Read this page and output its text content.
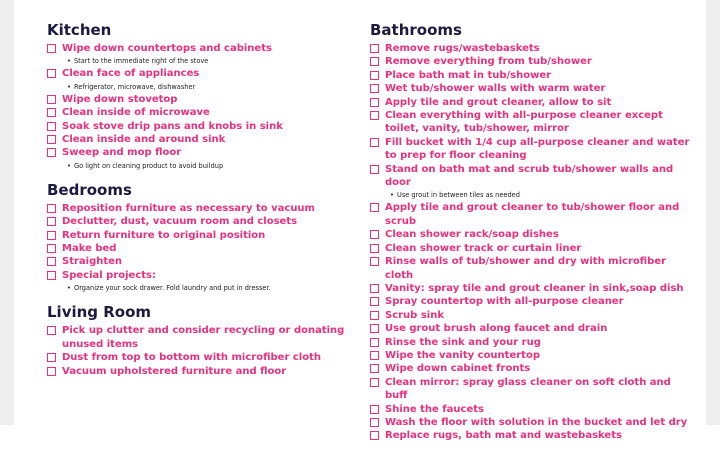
Kitchen
Wipe down countertops and cabinets
• Start to the immediate right of the stove
Clean face of appliances
• Refrigerator, microwave, dishwasher
Wipe down stovetop
Clean inside of microwave
Soak stove drip pans and knobs in sink
Clean inside and around sink
Sweep and mop floor
• Go light on cleaning product to avoid buildup
Bedrooms
Reposition furniture as necessary to vacuum
Declutter, dust, vacuum room and closets
Return furniture to original position
Make bed
Straighten
Special projects:
• Organize your sock drawer. Fold laundry and put in dresser.
Living Room
Pick up clutter and consider recycling or donating unused items
Dust from top to bottom with microfiber cloth
Vacuum upholstered furniture and floor
Bathrooms
Remove rugs/wastebaskets
Remove everything from tub/shower
Place bath mat in tub/shower
Wet tub/shower walls with warm water
Apply tile and grout cleaner, allow to sit
Clean everything with all-purpose cleaner except toilet, vanity, tub/shower, mirror
Fill bucket with 1/4 cup all-purpose cleaner and water to prep for floor cleaning
Stand on bath mat and scrub tub/shower walls and door
• Use grout in between tiles as needed
Apply tile and grout cleaner to tub/shower floor and scrub
Clean shower rack/soap dishes
Clean shower track or curtain liner
Rinse walls of tub/shower and dry with microfiber cloth
Vanity: spray tile and grout cleaner in sink,soap dish
Spray countertop with all-purpose cleaner
Scrub sink
Use grout brush along faucet and drain
Rinse the sink and your rug
Wipe the vanity countertop
Wipe down cabinet fronts
Clean mirror: spray glass cleaner on soft cloth and buff
Shine the faucets
Wash the floor with solution in the bucket and let dry
Replace rugs, bath mat and wastebaskets
